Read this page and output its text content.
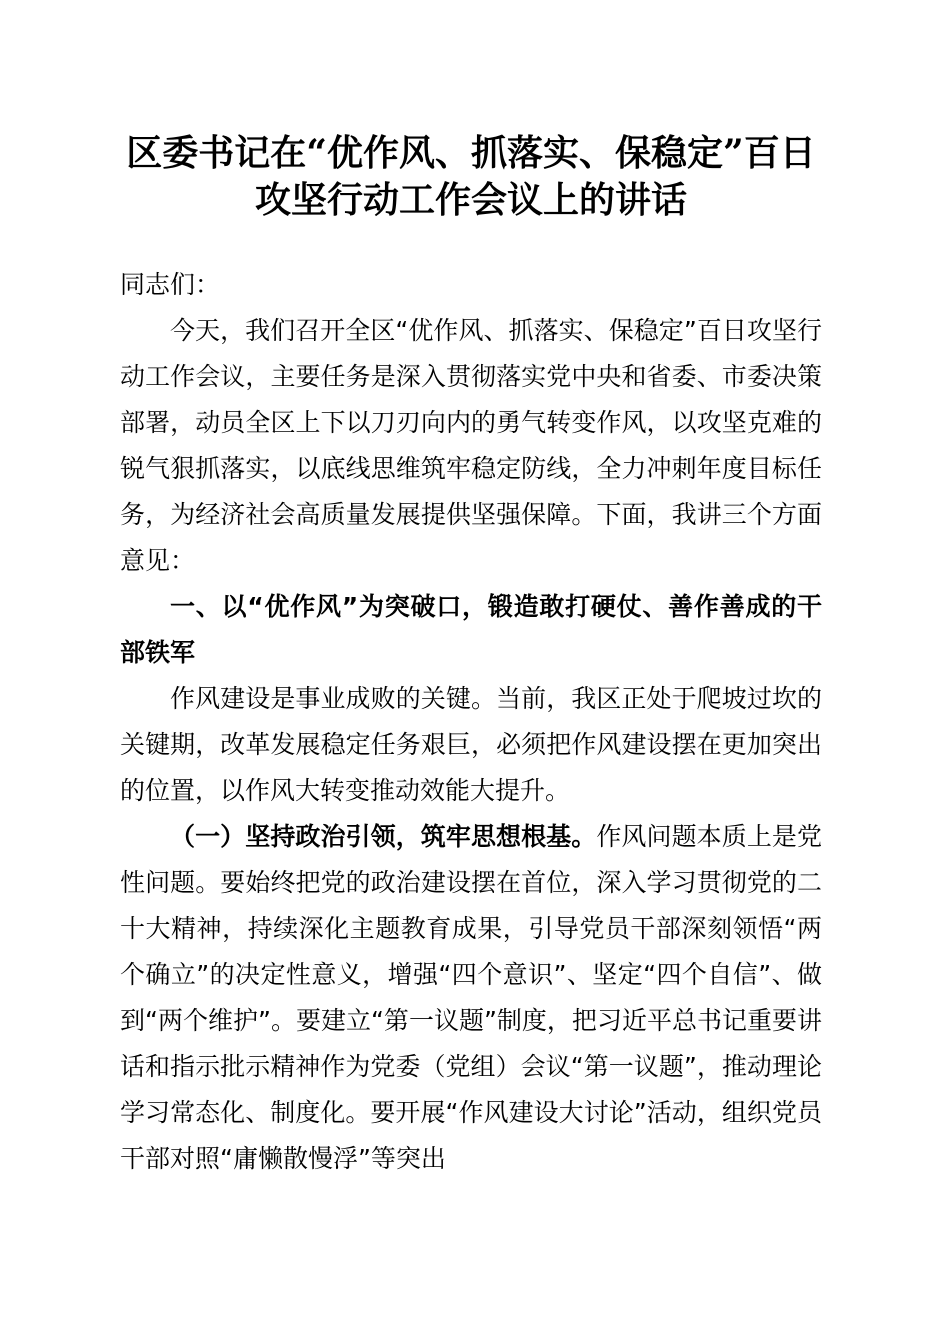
区委书记在“优作风、抓落实、保稳定”百日
攻坚行动工作会议上的讲话
同志们：

今天，我们召开全区“优作风、抓落实、保稳定”百日攻坚行动工作会议，主要任务是深入贯彻落实党中央和省委、市委决策部署，动员全区上下以刀刃向内的勇气转变作风，以攻坚克难的锐气狠抓落实，以底线思维筑牢稳定防线，全力冲刺年度目标任务，为经济社会高质量发展提供坚强保障。下面，我讲三个方面意见：

一、以“优作风”为突破口，锻造敢打硬仗、善作善成的干部铁军

作风建设是事业成败的关键。当前，我区正处于爬坡过坎的关键期，改革发展稳定任务艰巨，必须把作风建设摆在更加突出的位置，以作风大转变推动效能大提升。

（一）坚持政治引领，筑牢思想根基。作风问题本质上是党性问题。要始终把党的政治建设摆在首位，深入学习贯彻党的二十大精神，持续深化主题教育成果，引导党员干部深刻领悟“两个确立”的决定性意义，增强“四个意识”、坚定“四个自信”、做到“两个维护”。要建立“第一议题”制度，把习近平总书记重要讲话和指示批示精神作为党委（党组）会议“第一议题”，推动理论学习常态化、制度化。要开展“作风建设大讨论”活动，组织党员干部对照“庸懒散慢浮”等突出
